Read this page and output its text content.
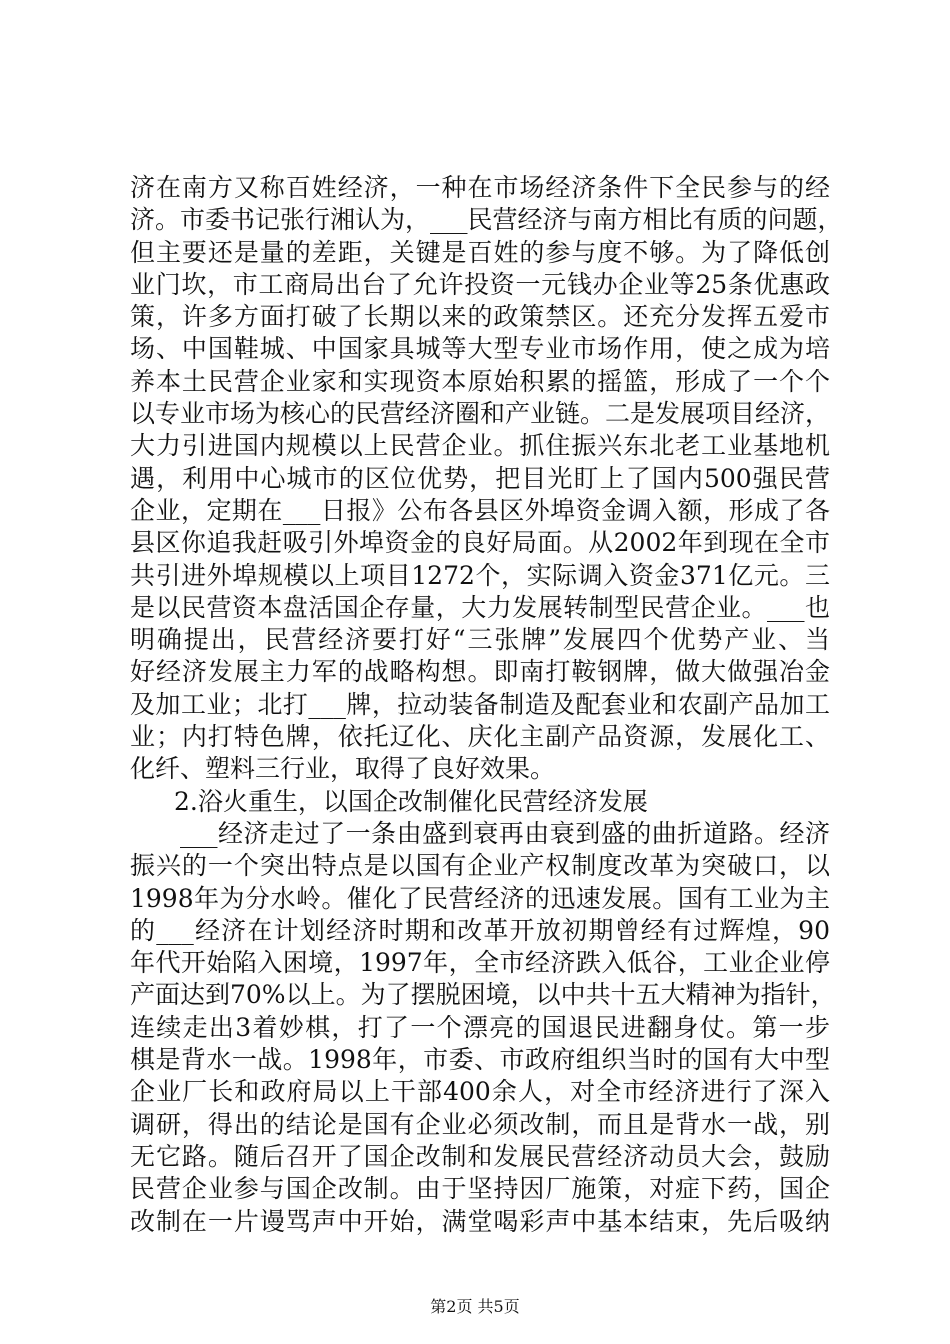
济在南方又称百姓经济，一种在市场经济条件下全民参与的经
济。市委书记张行湘认为，___民营经济与南方相比有质的问题，
但主要还是量的差距，关键是百姓的参与度不够。为了降低创
业门坎，市工商局出台了允许投资一元钱办企业等25条优惠政
策，许多方面打破了长期以来的政策禁区。还充分发挥五爱市
场、中国鞋城、中国家具城等大型专业市场作用，使之成为培
养本土民营企业家和实现资本原始积累的摇篮，形成了一个个
以专业市场为核心的民营经济圈和产业链。二是发展项目经济，
大力引进国内规模以上民营企业。抓住振兴东北老工业基地机
遇，利用中心城市的区位优势，把目光盯上了国内500强民营
企业，定期在___日报》公布各县区外埠资金调入额，形成了各
县区你追我赶吸引外埠资金的良好局面。从2002年到现在全市
共引进外埠规模以上项目1272个，实际调入资金371亿元。三
是以民营资本盘活国企存量，大力发展转制型民营企业。___也
明确提出，民营经济要打好“三张牌”发展四个优势产业、当
好经济发展主力军的战略构想。即南打鞍钢牌，做大做强冶金
及加工业；北打___牌，拉动装备制造及配套业和农副产品加工
业；内打特色牌，依托辽化、庆化主副产品资源，发展化工、
化纤、塑料三行业，取得了良好效果。
2.浴火重生，以国企改制催化民营经济发展
___经济走过了一条由盛到衰再由衰到盛的曲折道路。经济
振兴的一个突出特点是以国有企业产权制度改革为突破口，以
1998年为分水岭。催化了民营经济的迅速发展。国有工业为主
的___经济在计划经济时期和改革开放初期曾经有过辉煌，90
年代开始陷入困境，1997年，全市经济跌入低谷，工业企业停
产面达到70%以上。为了摆脱困境，以中共十五大精神为指针，
连续走出3着妙棋，打了一个漂亮的国退民进翻身仗。第一步
棋是背水一战。1998年，市委、市政府组织当时的国有大中型
企业厂长和政府局以上干部400余人，对全市经济进行了深入
调研，得出的结论是国有企业必须改制，而且是背水一战，别
无它路。随后召开了国企改制和发展民营经济动员大会，鼓励
民营企业参与国企改制。由于坚持因厂施策，对症下药，国企
改制在一片谩骂声中开始，满堂喝彩声中基本结束，先后吸纳
第2页 共5页
